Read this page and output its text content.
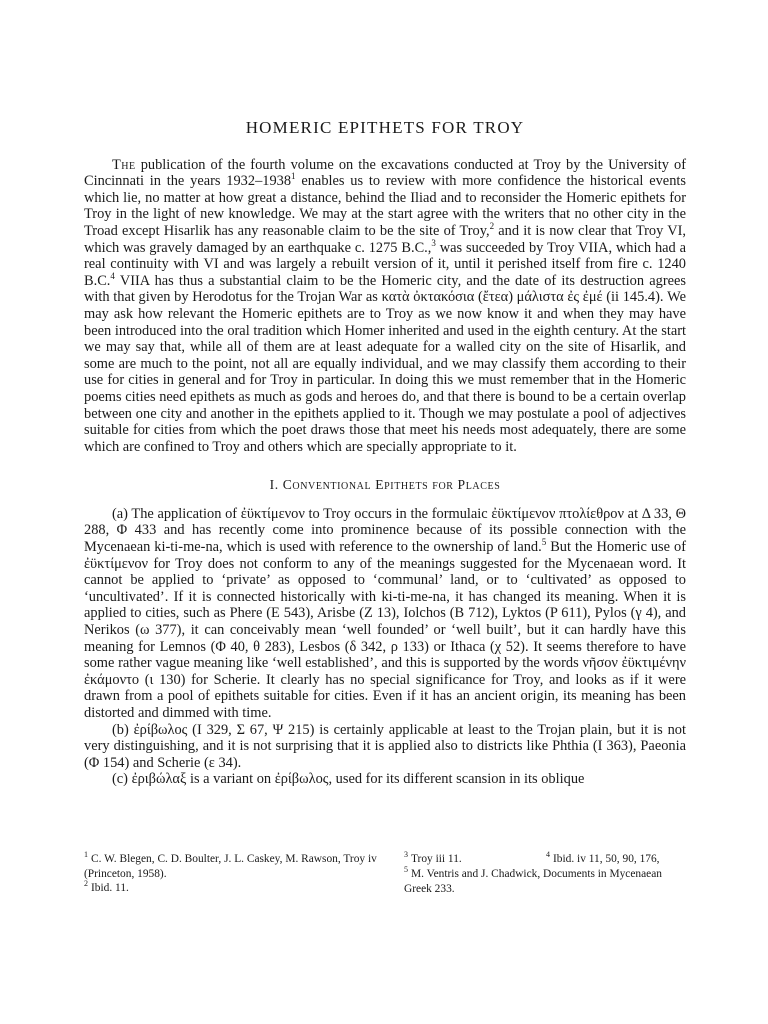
HOMERIC EPITHETS FOR TROY

The publication of the fourth volume on the excavations conducted at Troy by the University of Cincinnati in the years 1932–1938$^1$ enables us to review with more confidence the historical events which lie, no matter at how great a distance, behind the Iliad and to reconsider the Homeric epithets for Troy in the light of new knowledge. We may at the start agree with the writers that no other city in the Troad except Hisarlik has any reasonable claim to be the site of Troy,$^2$ and it is now clear that Troy VI, which was gravely damaged by an earthquake c. 1275 B.C.,$^3$ was succeeded by Troy VIIA, which had a real continuity with VI and was largely a rebuilt version of it, until it perished itself from fire c. 1240 B.C.$^4$ VIIA has thus a substantial claim to be the Homeric city, and the date of its destruction agrees with that given by Herodotus for the Trojan War as κατὰ ὀκτακόσια (ἔτεα) μάλιστα ἐς ἐμέ (ii 145.4). We may ask how relevant the Homeric epithets are to Troy as we now know it and when they may have been introduced into the oral tradition which Homer inherited and used in the eighth century. At the start we may say that, while all of them are at least adequate for a walled city on the site of Hisarlik, and some are much to the point, not all are equally individual, and we may classify them according to their use for cities in general and for Troy in particular. In doing this we must remember that in the Homeric poems cities need epithets as much as gods and heroes do, and that there is bound to be a certain overlap between one city and another in the epithets applied to it. Though we may postulate a pool of adjectives suitable for cities from which the poet draws those that meet his needs most adequately, there are some which are confined to Troy and others which are specially appropriate to it.

I. Conventional Epithets for Places

(a) The application of ἐϋκτίμενον to Troy occurs in the formulaic ἐϋκτίμενον πτολίεθρον at Δ 33, Θ 288, Φ 433 and has recently come into prominence because of its possible connection with the Mycenaean ki-ti-me-na, which is used with reference to the ownership of land.$^5$ But the Homeric use of ἐϋκτίμενον for Troy does not conform to any of the meanings suggested for the Mycenaean word. It cannot be applied to ‘private’ as opposed to ‘communal’ land, or to ‘cultivated’ as opposed to ‘uncultivated’. If it is connected historically with ki-ti-me-na, it has changed its meaning. When it is applied to cities, such as Phere (E 543), Arisbe (Ζ 13), Iolchos (B 712), Lyktos (P 611), Pylos (γ 4), and Nerikos (ω 377), it can conceivably mean ‘well founded’ or ‘well built’, but it can hardly have this meaning for Lemnos (Φ 40, θ 283), Lesbos (δ 342, ρ 133) or Ithaca (χ 52). It seems therefore to have some rather vague meaning like ‘well established’, and this is supported by the words νῆσον ἐϋκτιμένην ἐκάμοντο (ι 130) for Scherie. It clearly has no special significance for Troy, and looks as if it were drawn from a pool of epithets suitable for cities. Even if it has an ancient origin, its meaning has been distorted and dimmed with time.

(b) ἐρίβωλος (I 329, Σ 67, Ψ 215) is certainly applicable at least to the Trojan plain, but it is not very distinguishing, and it is not surprising that it is applied also to districts like Phthia (I 363), Paeonia (Φ 154) and Scherie (ε 34).

(c) ἐριβώλαξ is a variant on ἐρίβωλος, used for its different scansion in its oblique

$^1$ C. W. Blegen, C. D. Boulter, J. L. Caskey, M. Rawson, Troy iv (Princeton, 1958).
$^2$ Ibid. 11.
$^3$ Troy iii 11.	$^4$ Ibid. iv 11, 50, 90, 176,
$^5$ M. Ventris and J. Chadwick, Documents in Mycenaean Greek 233.
